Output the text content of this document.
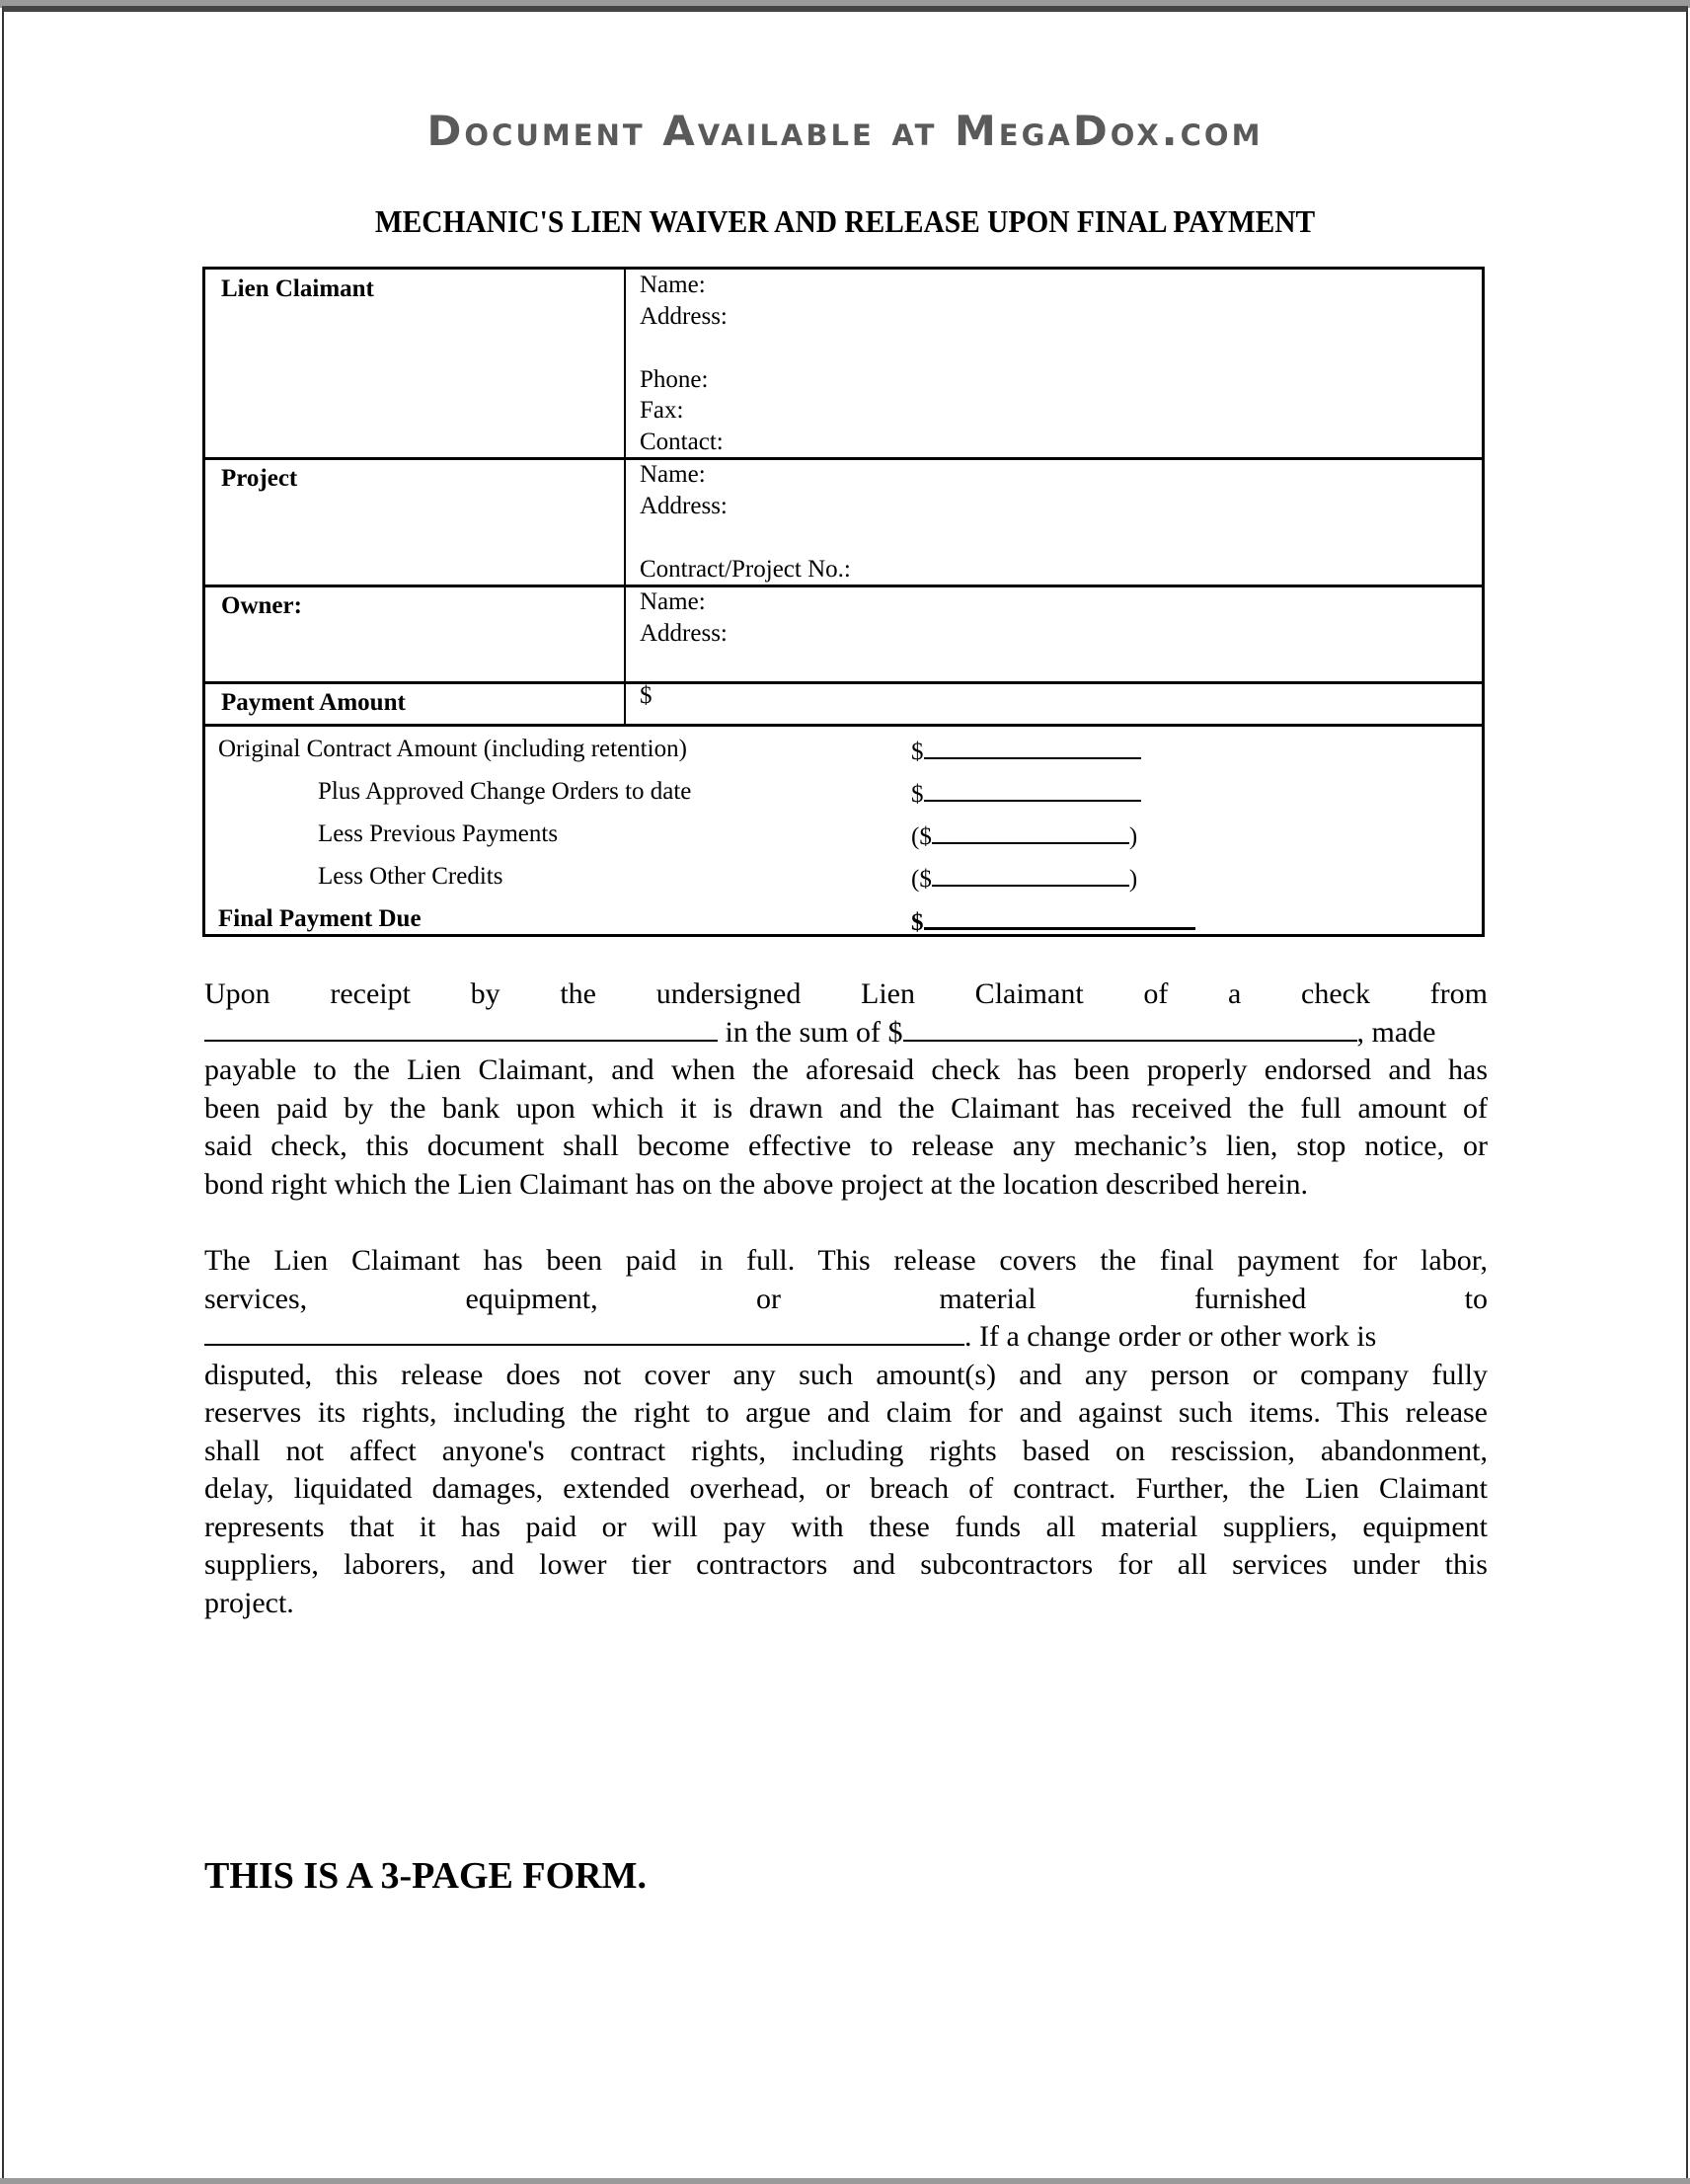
Document Available at MegaDox.com
MECHANIC'S LIEN WAIVER AND RELEASE UPON FINAL PAYMENT
Lien Claimant	Name:
Address:
Phone:
Fax:
Contact:
Project	Name:
Address:
Contract/Project No.:
Owner:	Name:
Address:
Payment Amount	$
Original Contract Amount (including retention)	$
Plus Approved Change Orders to date	$
Less Previous Payments	($	)
Less Other Credits	($	)
Final Payment Due	$
Upon receipt by the undersigned Lien Claimant of a check from
in the sum of $	, made
payable to the Lien Claimant, and when the aforesaid check has been properly endorsed and has
been paid by the bank upon which it is drawn and the Claimant has received the full amount of
said check, this document shall become effective to release any mechanic’s lien, stop notice, or
bond right which the Lien Claimant has on the above project at the location described herein.
The Lien Claimant has been paid in full. This release covers the final payment for labor,
services, equipment, or material furnished to
. If a change order or other work is
disputed, this release does not cover any such amount(s) and any person or company fully
reserves its rights, including the right to argue and claim for and against such items. This release
shall not affect anyone's contract rights, including rights based on rescission, abandonment,
delay, liquidated damages, extended overhead, or breach of contract. Further, the Lien Claimant
represents that it has paid or will pay with these funds all material suppliers, equipment
suppliers, laborers, and lower tier contractors and subcontractors for all services under this
project.
THIS IS A 3-PAGE FORM.
